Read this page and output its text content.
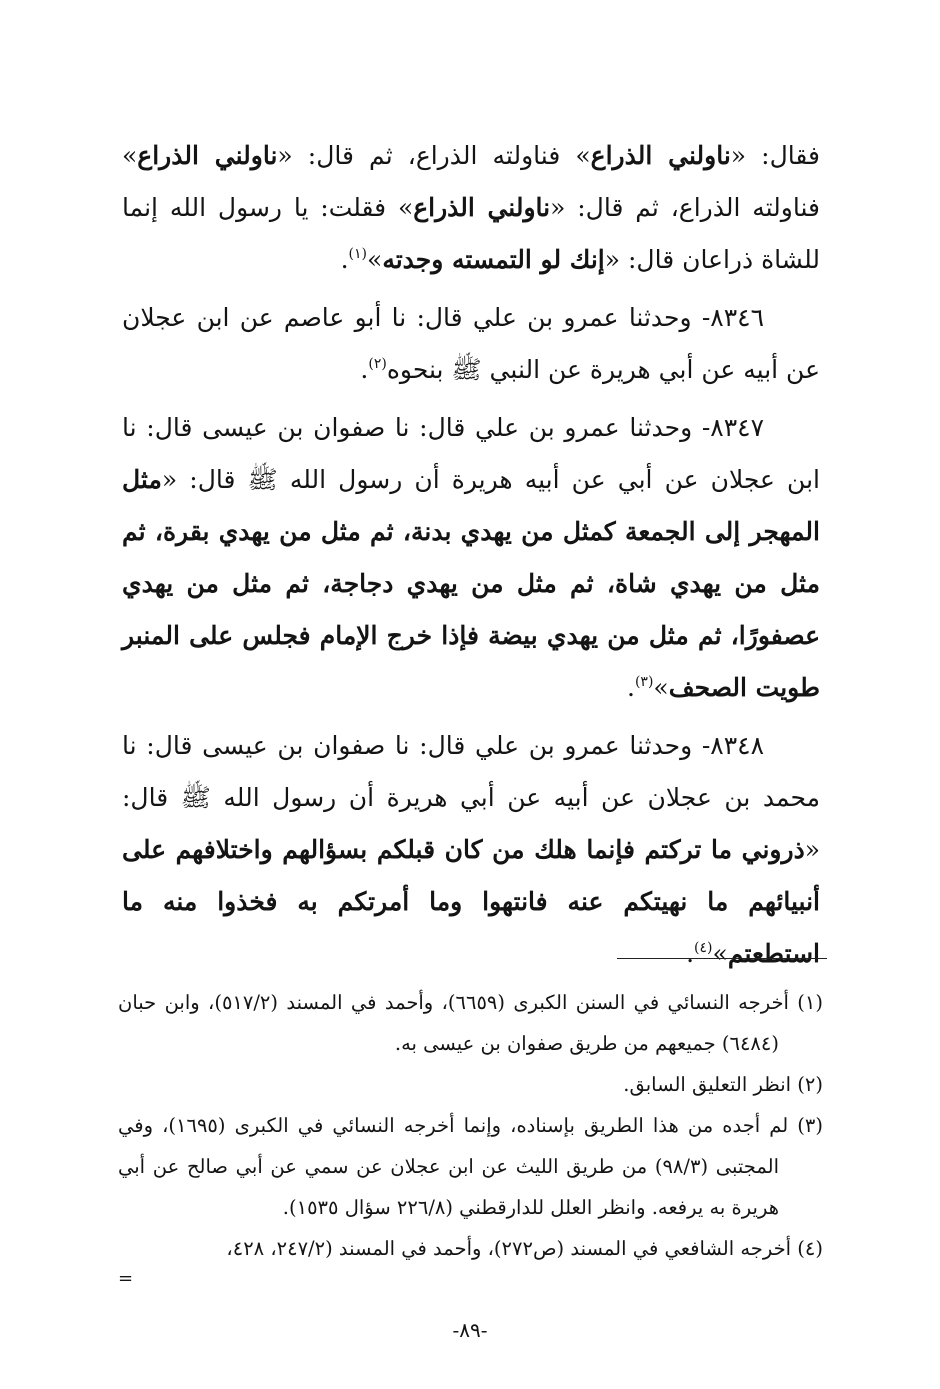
فقال: «ناولني الذراع» فناولته الذراع، ثم قال: «ناولني الذراع» فناولته الذراع، ثم قال: «ناولني الذراع» فقلت: يا رسول الله إنما للشاة ذراعان قال: «إنك لو التمسته وجدته»$^{(١)}$.

٨٣٤٦- وحدثنا عمرو بن علي قال: نا أبو عاصم عن ابن عجلان عن أبيه عن أبي هريرة عن النبي ﷺ بنحوه$^{(٢)}$.

٨٣٤٧- وحدثنا عمرو بن علي قال: نا صفوان بن عيسى قال: نا ابن عجلان عن أبي عن أبيه هريرة أن رسول الله ﷺ قال: «مثل المهجر إلى الجمعة كمثل من يهدي بدنة، ثم مثل من يهدي بقرة، ثم مثل من يهدي شاة، ثم مثل من يهدي دجاجة، ثم مثل من يهدي عصفورًا، ثم مثل من يهدي بيضة فإذا خرج الإمام فجلس على المنبر طويت الصحف»$^{(٣)}$.

٨٣٤٨- وحدثنا عمرو بن علي قال: نا صفوان بن عيسى قال: نا محمد بن عجلان عن أبيه عن أبي هريرة أن رسول الله ﷺ قال: «ذروني ما تركتم فإنما هلك من كان قبلكم بسؤالهم واختلافهم على أنبيائهم ما نهيتكم عنه فانتهوا وما أمرتكم به فخذوا منه ما استطعتم»$^{(٤)}$.

(١) أخرجه النسائي في السنن الكبرى (٦٦٥٩)، وأحمد في المسند (٥١٧/٢)، وابن حبان (٦٤٨٤) جميعهم من طريق صفوان بن عيسى به.

(٢) انظر التعليق السابق.

(٣) لم أجده من هذا الطريق بإسناده، وإنما أخرجه النسائي في الكبرى (١٦٩٥)، وفي المجتبى (٩٨/٣) من طريق الليث عن ابن عجلان عن سمي عن أبي صالح عن أبي هريرة به يرفعه. وانظر العلل للدارقطني (٢٢٦/٨ سؤال ١٥٣٥).

(٤) أخرجه الشافعي في المسند (ص٢٧٢)، وأحمد في المسند (٢٤٧/٢، ٤٢٨،

=
-٨٩-
